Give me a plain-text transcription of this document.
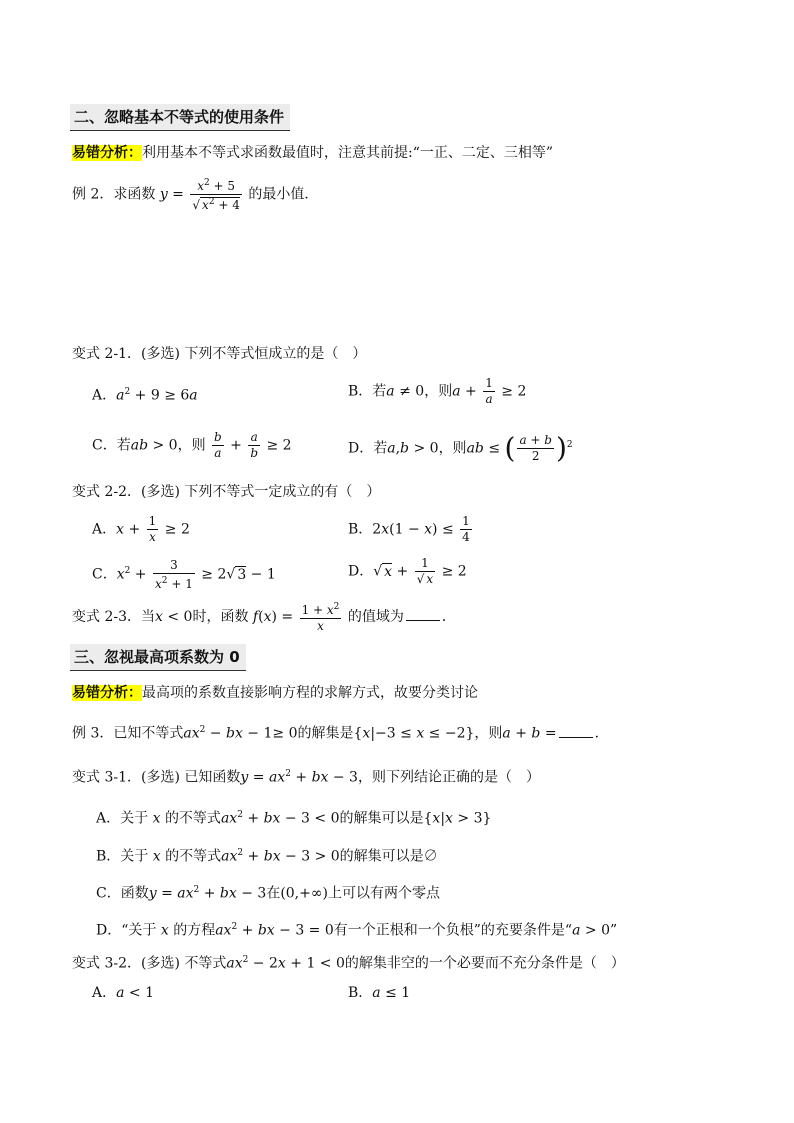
二、忽略基本不等式的使用条件
易错分析：利用基本不等式求函数最值时，注意其前提:“一正、二定、三相等”
例 2．求函数 $y = \frac{x^2 + 5}{√ x^2 + 4}$ 的最小值．
变式 2-1．(多选) 下列不等式恒成立的是（　）
A．$a^2 + 9 \ge 6a$	B．若a ≠ 0，则$a + \frac{1}{a} \ge 2$
C．若ab > 0，则 $\frac{b}{a} + \frac{a}{b} \ge 2$	D．若a,b > 0，则ab ≤ ( $\frac{a + b}{2} )^2$
变式 2-2．(多选) 下列不等式一定成立的有（　）
A．$x + \frac{1}{x} \ge 2$	B．$2x(1 - x) \le \frac{1}{4}$
C．$x^2 + \frac{3}{x^2 + 1} \ge 2√$ 3 − 1	D．√ $x + \frac{1}{√ x} \ge 2$
变式 2-3．当x < 0时，函数 $f(x) = \frac{1 + x^2}{x}$ 的值域为	．
三、忽视最高项系数为 0
易错分析：最高项的系数直接影响方程的求解方式，故要分类讨论
例 3．已知不等式$ax^2$ − bx − 1≥ 0的解集是{x|−3 ≤ x ≤ −2}，则a + b =	．
变式 3-1．(多选) 已知函数$y = ax^2$ + bx − 3，则下列结论正确的是（　）
A．关于 x 的不等式$ax^2$ + bx − 3 < 0的解集可以是{x|x > 3}
B．关于 x 的不等式$ax^2$ + bx − 3 > 0的解集可以是∅
C．函数$y = ax^2$ + bx − 3在(0,+∞)上可以有两个零点
D．“关于 x 的方程$ax^2$ + bx − 3 = 0有一个正根和一个负根”的充要条件是“a > 0”
变式 3-2．(多选) 不等式$ax^2 - 2x + 1 < 0$的解集非空的一个必要而不充分条件是（　）
A．a < 1	B．a ≤ 1
